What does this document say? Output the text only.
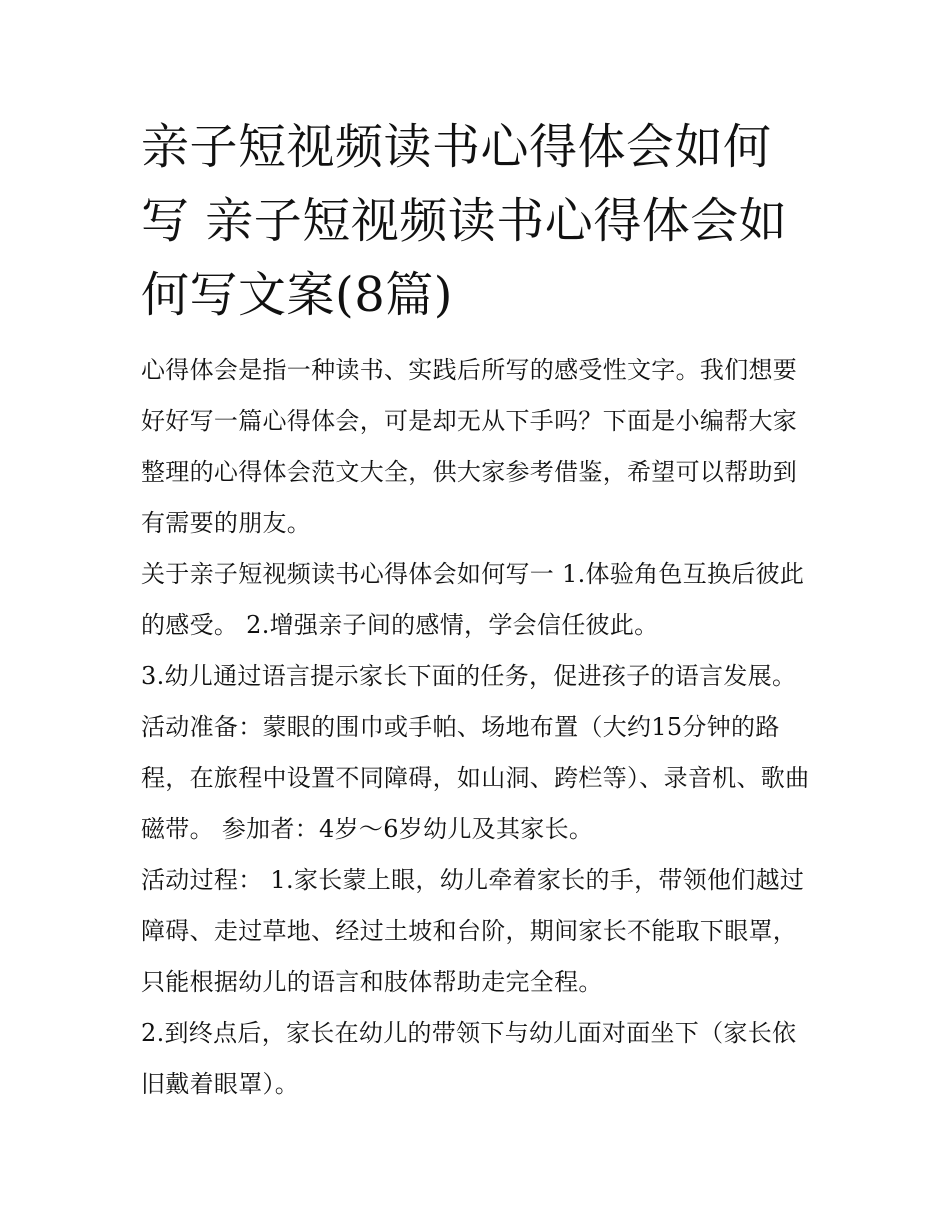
亲子短视频读书心得体会如何写 亲子短视频读书心得体会如何写文案(8篇)

心得体会是指一种读书、实践后所写的感受性文字。我们想要好好写一篇心得体会，可是却无从下手吗？下面是小编帮大家整理的心得体会范文大全，供大家参考借鉴，希望可以帮助到有需要的朋友。

关于亲子短视频读书心得体会如何写一 1.体验角色互换后彼此的感受。 2.增强亲子间的感情，学会信任彼此。

3.幼儿通过语言提示家长下面的任务，促进孩子的语言发展。

活动准备：蒙眼的围巾或手帕、场地布置（大约15分钟的路程，在旅程中设置不同障碍，如山洞、跨栏等）、录音机、歌曲磁带。 参加者：4岁～6岁幼儿及其家长。

活动过程： 1.家长蒙上眼，幼儿牵着家长的手，带领他们越过障碍、走过草地、经过土坡和台阶，期间家长不能取下眼罩，只能根据幼儿的语言和肢体帮助走完全程。

2.到终点后，家长在幼儿的带领下与幼儿面对面坐下（家长依旧戴着眼罩）。
